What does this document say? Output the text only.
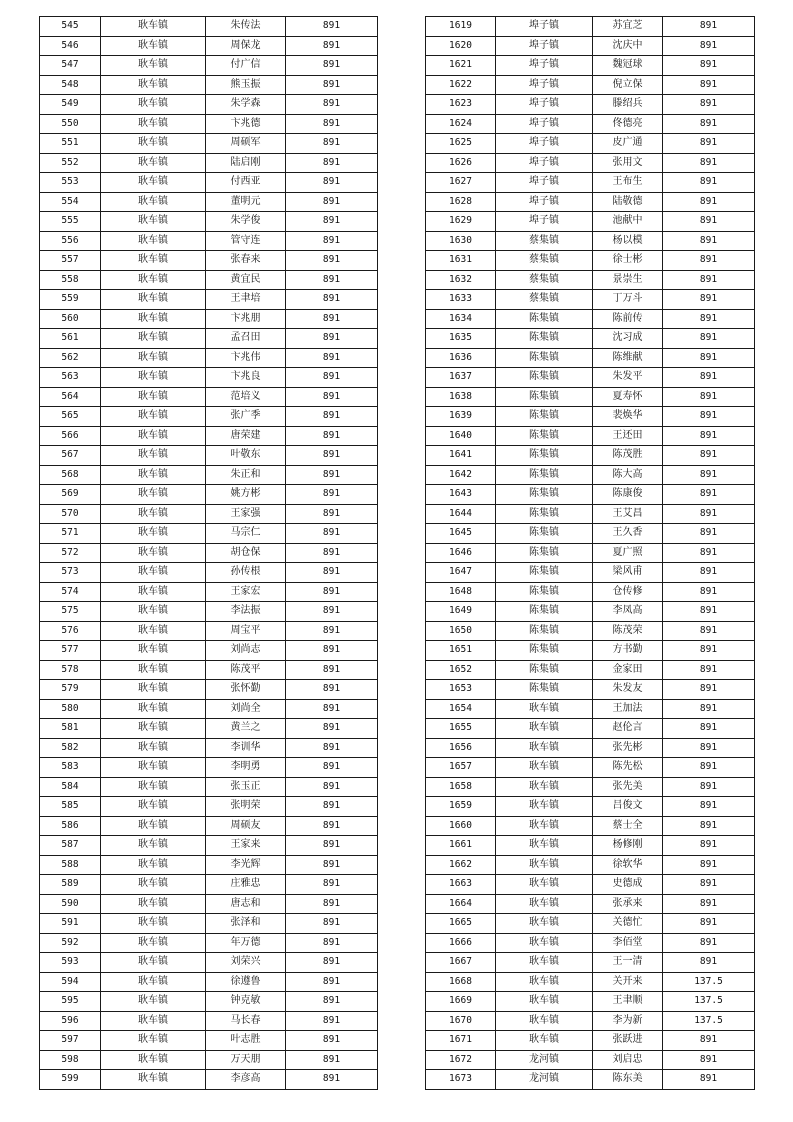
545	耿车镇	朱传法	891
546	耿车镇	周保龙	891
547	耿车镇	付广信	891
548	耿车镇	熊玉振	891
549	耿车镇	朱学森	891
550	耿车镇	卞兆德	891
551	耿车镇	周硕军	891
552	耿车镇	陆启刚	891
553	耿车镇	付西亚	891
554	耿车镇	董明元	891
555	耿车镇	朱学俊	891
556	耿车镇	管守连	891
557	耿车镇	张春来	891
558	耿车镇	黄宜民	891
559	耿车镇	王聿培	891
560	耿车镇	卞兆朋	891
561	耿车镇	孟召田	891
562	耿车镇	卞兆伟	891
563	耿车镇	卞兆良	891
564	耿车镇	范培义	891
565	耿车镇	张广季	891
566	耿车镇	唐荣建	891
567	耿车镇	叶敬东	891
568	耿车镇	朱正和	891
569	耿车镇	姚方彬	891
570	耿车镇	王家强	891
571	耿车镇	马宗仁	891
572	耿车镇	胡仓保	891
573	耿车镇	孙传根	891
574	耿车镇	王家宏	891
575	耿车镇	李法振	891
576	耿车镇	周宝平	891
577	耿车镇	刘尚志	891
578	耿车镇	陈茂平	891
579	耿车镇	张怀勤	891
580	耿车镇	刘尚全	891
581	耿车镇	黄兰之	891
582	耿车镇	李训华	891
583	耿车镇	李明勇	891
584	耿车镇	张玉正	891
585	耿车镇	张明荣	891
586	耿车镇	周硕友	891
587	耿车镇	王家来	891
588	耿车镇	李光辉	891
589	耿车镇	庄雅忠	891
590	耿车镇	唐志和	891
591	耿车镇	张泽和	891
592	耿车镇	年万德	891
593	耿车镇	刘荣兴	891
594	耿车镇	徐遵鲁	891
595	耿车镇	钟克敏	891
596	耿车镇	马长春	891
597	耿车镇	叶志胜	891
598	耿车镇	万天朋	891
599	耿车镇	李彦高	891
1619	埠子镇	苏宜芝	891
1620	埠子镇	沈庆中	891
1621	埠子镇	魏冠球	891
1622	埠子镇	倪立保	891
1623	埠子镇	滕绍兵	891
1624	埠子镇	佟德亮	891
1625	埠子镇	皮广通	891
1626	埠子镇	张用文	891
1627	埠子镇	王布生	891
1628	埠子镇	陆敬德	891
1629	埠子镇	池献中	891
1630	蔡集镇	杨以模	891
1631	蔡集镇	徐士彬	891
1632	蔡集镇	景崇生	891
1633	蔡集镇	丁万斗	891
1634	陈集镇	陈前传	891
1635	陈集镇	沈习成	891
1636	陈集镇	陈维献	891
1637	陈集镇	朱发平	891
1638	陈集镇	夏寿怀	891
1639	陈集镇	裴焕华	891
1640	陈集镇	王还田	891
1641	陈集镇	陈茂胜	891
1642	陈集镇	陈大高	891
1643	陈集镇	陈康俊	891
1644	陈集镇	王艾昌	891
1645	陈集镇	王久香	891
1646	陈集镇	夏广照	891
1647	陈集镇	梁风甫	891
1648	陈集镇	仓传修	891
1649	陈集镇	李凤高	891
1650	陈集镇	陈茂荣	891
1651	陈集镇	方书勤	891
1652	陈集镇	金家田	891
1653	陈集镇	朱发友	891
1654	耿车镇	王加法	891
1655	耿车镇	赵伦言	891
1656	耿车镇	张先彬	891
1657	耿车镇	陈先松	891
1658	耿车镇	张先美	891
1659	耿车镇	吕俊文	891
1660	耿车镇	蔡士全	891
1661	耿车镇	杨修刚	891
1662	耿车镇	徐软华	891
1663	耿车镇	史德成	891
1664	耿车镇	张承来	891
1665	耿车镇	关德忙	891
1666	耿车镇	李佰堂	891
1667	耿车镇	王一清	891
1668	耿车镇	关开来	137.5
1669	耿车镇	王聿顺	137.5
1670	耿车镇	李为新	137.5
1671	耿车镇	张跃进	891
1672	龙河镇	刘启忠	891
1673	龙河镇	陈东美	891
